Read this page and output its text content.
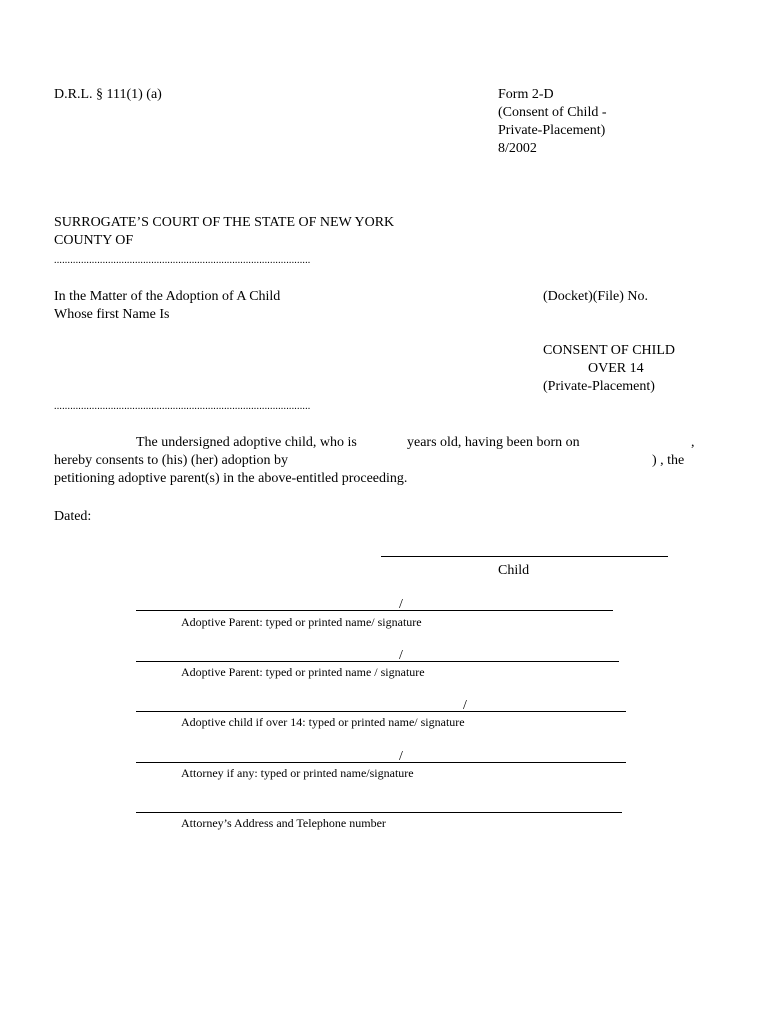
D.R.L. § 111(1) (a)	Form 2-D
(Consent of Child -
Private-Placement)
8/2002
SURROGATE’S COURT OF THE STATE OF NEW YORK
COUNTY OF
...............................................................................................
In the Matter of the Adoption of A Child
Whose first Name Is
(Docket)(File) No.
CONSENT OF CHILD
OVER 14
(Private-Placement)
...............................................................................................
The undersigned adoptive child, who is	years old, having been born on	,
hereby consents to (his) (her) adoption by	) , the
petitioning adoptive parent(s) in the above-entitled proceeding.
Dated:
Child
/
Adoptive Parent: typed or printed name/ signature
/
Adoptive Parent: typed or printed name / signature
/
Adoptive child if over 14: typed or printed name/ signature
/
Attorney if any: typed or printed name/signature
Attorney’s Address and Telephone number
